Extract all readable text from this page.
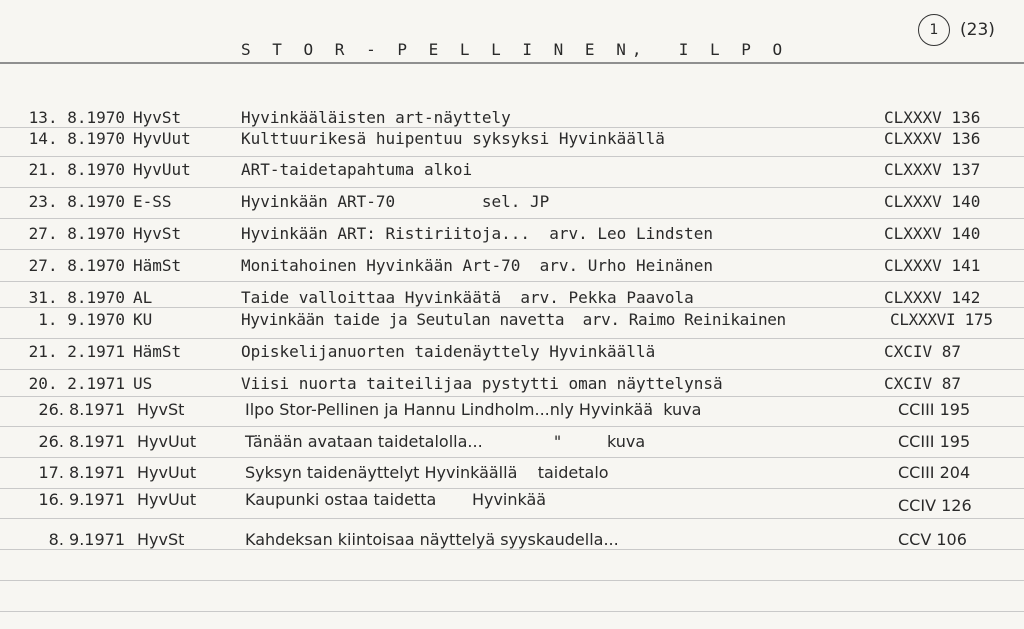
S T O R - P E L L I N E N,  I L P O
1	(23)
13. 8.1970 HyvSt	Hyvinkääläisten art-näyttely	CLXXXV 136
14. 8.1970 HyvUut	Kulttuurikesä huipentuu syksyksi Hyvinkäällä	CLXXXV 136
21. 8.1970 HyvUut	ART-taidetapahtuma alkoi	CLXXXV 137
23. 8.1970 E-SS	Hyvinkään ART-70         sel. JP	CLXXXV 140
27. 8.1970 HyvSt	Hyvinkään ART: Ristiriitoja...  arv. Leo Lindsten	CLXXXV 140
27. 8.1970 HämSt	Monitahoinen Hyvinkään Art-70  arv. Urho Heinänen	CLXXXV 141
31. 8.1970 AL	Taide valloittaa Hyvinkäätä  arv. Pekka Paavola	CLXXXV 142
1. 9.1970 KU	Hyvinkään taide ja Seutulan navetta  arv. Raimo Reinikainen	CLXXXVI 175
21. 2.1971 HämSt	Opiskelijanuorten taidenäyttely Hyvinkäällä	CXCIV 87
20. 2.1971 US	Viisi nuorta taiteilijaa pystytti oman näyttelynsä	CXCIV 87
26. 8.1971 HyvSt	Ilpo Stor-Pellinen ja Hannu Lindholm...nly Hyvinkää  kuva	CCIII 195
26. 8.1971 HyvUut	Tänään avataan taidetalolla...              "         kuva	CCIII 195
17. 8.1971 HyvUut	Syksyn taidenäyttelyt Hyvinkäällä    taidetalo	CCIII 204
16. 9.1971 HyvUut	Kaupunki ostaa taidetta       Hyvinkää	CCIV 126
8. 9.1971 HyvSt	Kahdeksan kiintoisaa näyttelyä syyskaudella...	CCV 106
